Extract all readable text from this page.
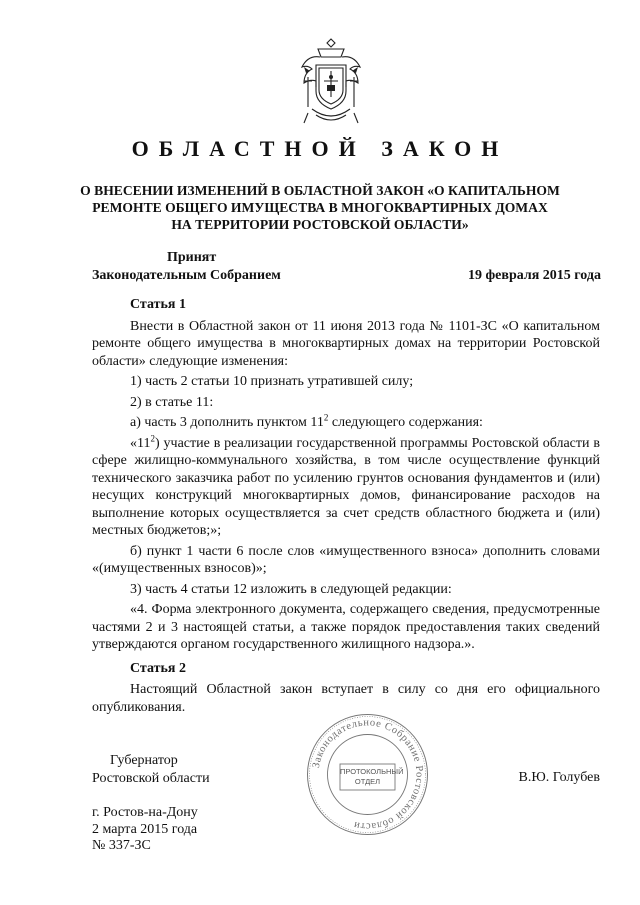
ОБЛАСТНОЙ ЗАКОН
О ВНЕСЕНИИ ИЗМЕНЕНИЙ В ОБЛАСТНОЙ ЗАКОН «О КАПИТАЛЬНОМ
РЕМОНТЕ ОБЩЕГО ИМУЩЕСТВА В МНОГОКВАРТИРНЫХ ДОМАХ
НА ТЕРРИТОРИИ РОСТОВСКОЙ ОБЛАСТИ»
Принят
Законодательным Собранием	19 февраля 2015 года
Статья 1

Внести в Областной закон от 11 июня 2013 года № 1101-ЗС «О капитальном ремонте общего имущества в многоквартирных домах на территории Ростовской области» следующие изменения:

1) часть 2 статьи 10 признать утратившей силу;

2) в статье 11:

а) часть 3 дополнить пунктом $11^2$ следующего содержания:

«$11^2$) участие в реализации государственной программы Ростовской области в сфере жилищно-коммунального хозяйства, в том числе осуществление функций технического заказчика работ по усилению грунтов основания фундаментов и (или) несущих конструкций многоквартирных домов, финансирование расходов на выполнение которых осуществляется за счет средств областного бюджета и (или) местных бюджетов;»;

б) пункт 1 части 6 после слов «имущественного взноса» дополнить словами «(имущественных взносов)»;

3) часть 4 статьи 12 изложить в следующей редакции:

«4. Форма электронного документа, содержащего сведения, предусмотренные частями 2 и 3 настоящей статьи, а также порядок предоставления таких сведений утверждаются органом государственного жилищного надзора.».

Статья 2

Настоящий Областной закон вступает в силу со дня его официального опубликования.

Губернатор
Ростовской области	В.Ю. Голубев
Законодательное Собрание Ростовской области
ПРОТОКОЛЬНЫЙ ОТДЕЛ
г. Ростов-на-Дону
2 марта 2015 года
№ 337-ЗС
